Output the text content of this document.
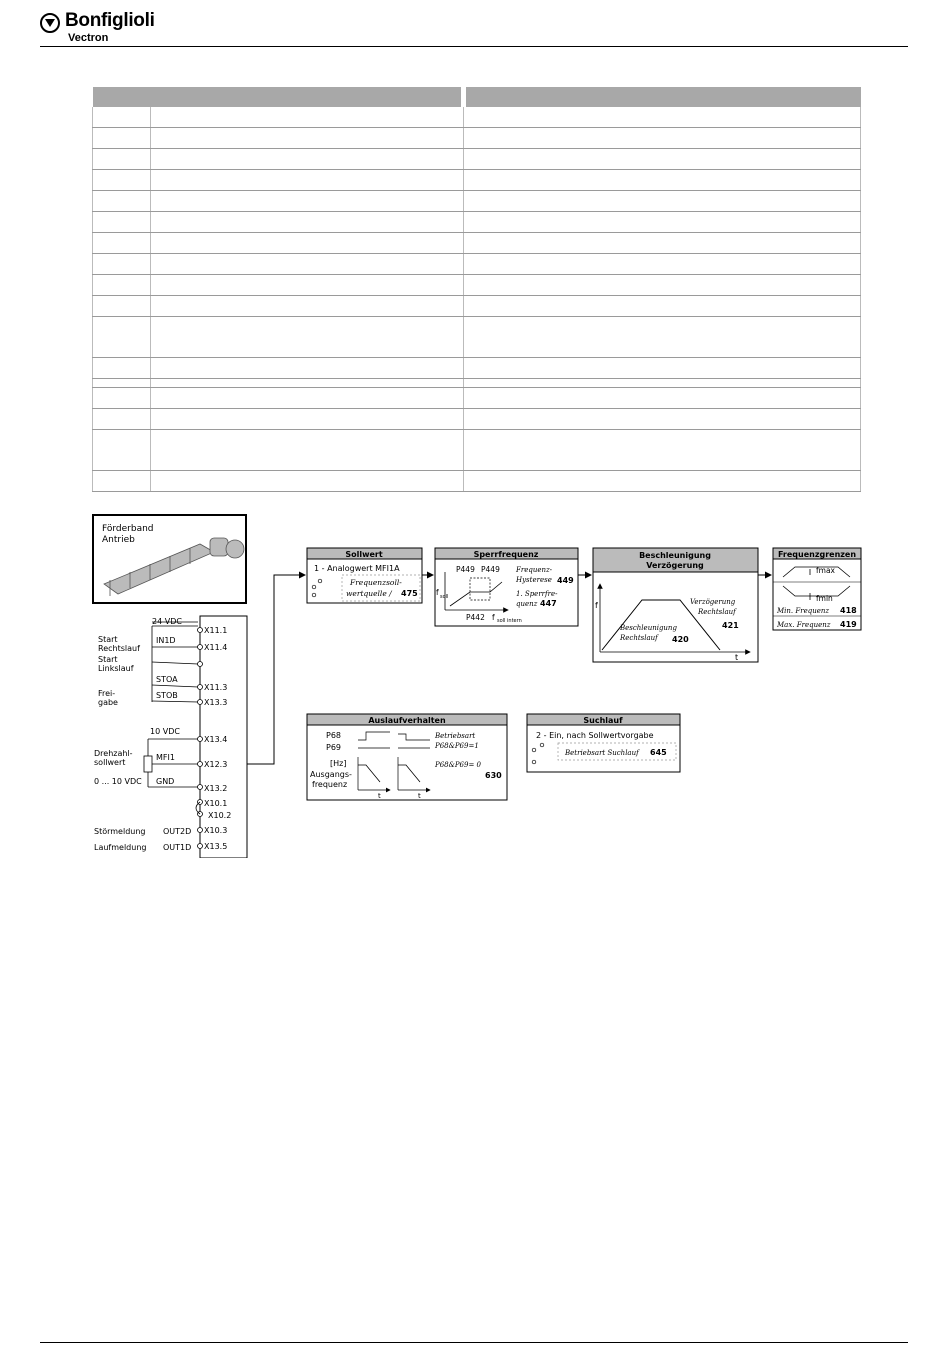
Bonfiglioli
Vectron

Förderband
Antrieb
24 VDC
Start
Rechtslauf
Start
Linkslauf
IN1D
STOA
STOB
Frei-
gabe
10 VDC
MFI1
GND
Drehzahl-
sollwert
0 ... 10 VDC
Störmeldung
Laufmeldung
OUT2D
OUT1D
X11.1
X11.4
X11.3
X13.3
X13.4
X12.3
X13.2
X10.1
X10.2
X10.3
X13.5
Sollwert
1 - Analogwert MFI1A
Frequenzsoll-
wertquelle / 475
Sperrfrequenz
f soll
P449 P449
P442 f soll intern
Frequenz-
Hysterese 449
1. Sperrfre-
quenz 447
Beschleunigung
Verzögerung
f
t
Verzögerung
Rechtslauf
421
Beschleunigung
Rechtslauf 420
Frequenzgrenzen
fmax
fmin
Min. Frequenz 418
Max. Frequenz 419
Auslaufverhalten
P68
P69
[Hz]
Ausgangs-
frequenz
t	t
Betriebsart
P68&P69=1
P68&P69= 0
630
Suchlauf
2 - Ein, nach Sollwertvorgabe
Betriebsart Suchlauf 645
